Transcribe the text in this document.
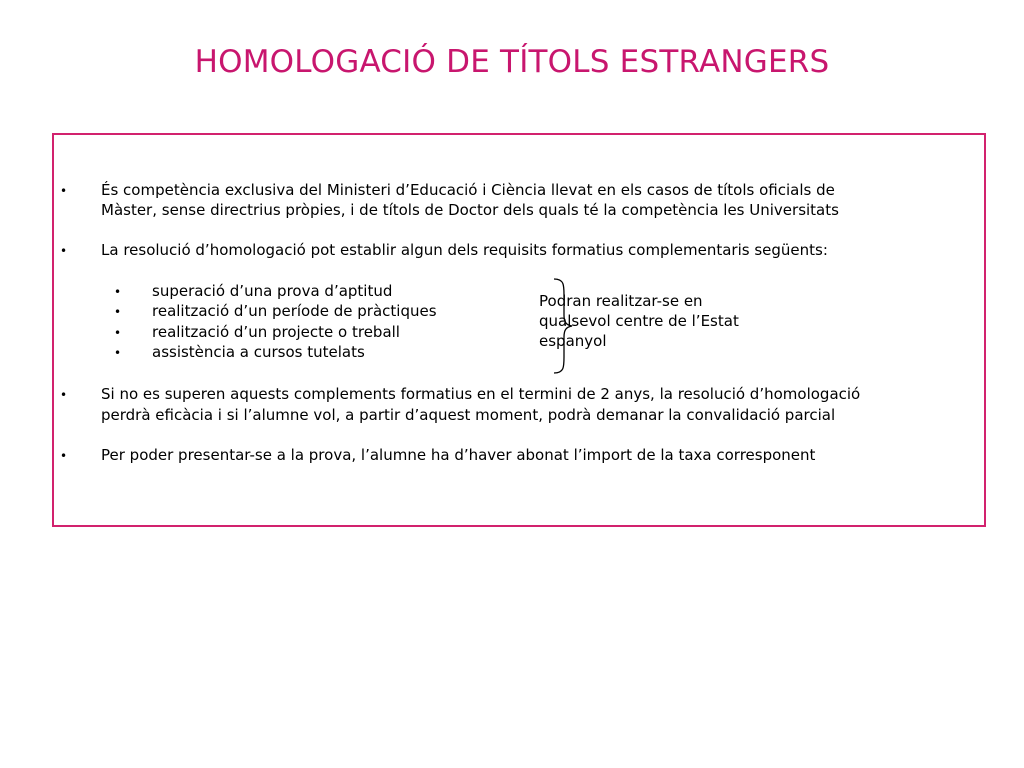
HOMOLOGACIÓ DE TÍTOLS ESTRANGERS
• És competència exclusiva del Ministeri d’Educació i Ciència llevat en els casos de títols oficials de
Màster, sense directrius pròpies, i de títols de Doctor dels quals té la competència les Universitats
• La resolució d’homologació pot establir algun dels requisits formatius complementaris següents:
• superació d’una prova d’aptitud
• realització d’un període de pràctiques
• realització d’un projecte o treball
• assistència a cursos tutelats
Podran realitzar-se en
qualsevol centre de l’Estat
espanyol
• Si no es superen aquests complements formatius en el termini de 2 anys, la resolució d’homologació
perdrà eficàcia i si l’alumne vol, a partir d’aquest moment, podrà demanar la convalidació parcial
• Per poder presentar-se a la prova, l’alumne ha d’haver abonat l’import de la taxa corresponent
